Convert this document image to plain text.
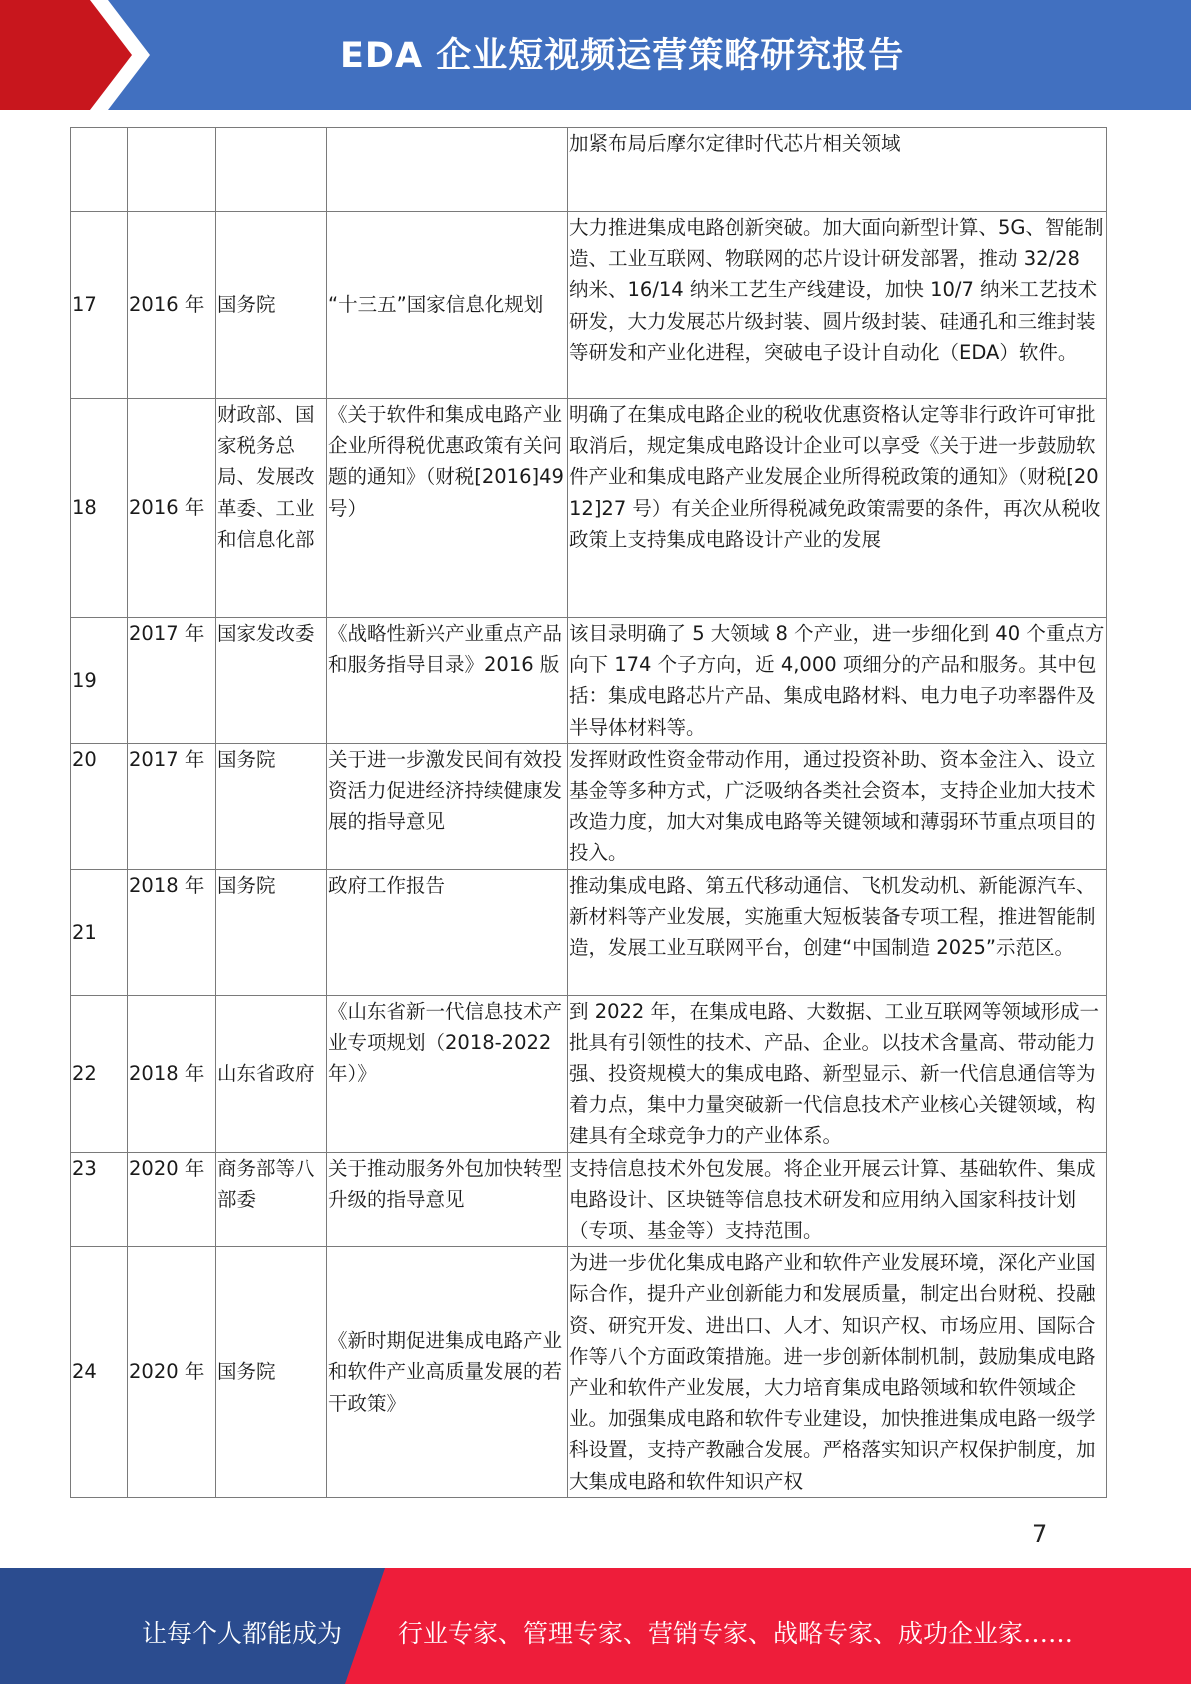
EDA 企业短视频运营策略研究报告
				加紧布局后摩尔定律时代芯片相关领域
17	2016 年	国务院	“十三五”国家信息化规划	大力推进集成电路创新突破。加大面向新型计算、5G、智能制造、工业互联网、物联网的芯片设计研发部署，推动 32/28 纳米、16/14 纳米工艺生产线建设，加快 10/7 纳米工艺技术研发，大力发展芯片级封装、圆片级封装、硅通孔和三维封装等研发和产业化进程，突破电子设计自动化（EDA）软件。
18	2016 年	财政部、国家税务总局、发展改革委、工业和信息化部	《关于软件和集成电路产业企业所得税优惠政策有关问题的通知》（财税[2016]49 号）	明确了在集成电路企业的税收优惠资格认定等非行政许可审批取消后，规定集成电路设计企业可以享受《关于进一步鼓励软件产业和集成电路产业发展企业所得税政策的通知》（财税[2012]27 号）有关企业所得税减免政策需要的条件，再次从税收政策上支持集成电路设计产业的发展
19	2017 年	国家发改委	《战略性新兴产业重点产品和服务指导目录》2016 版	该目录明确了 5 大领域 8 个产业，进一步细化到 40 个重点方向下 174 个子方向，近 4,000 项细分的产品和服务。其中包括：集成电路芯片产品、集成电路材料、电力电子功率器件及半导体材料等。
20	2017 年	国务院	关于进一步激发民间有效投资活力促进经济持续健康发展的指导意见	发挥财政性资金带动作用，通过投资补助、资本金注入、设立基金等多种方式，广泛吸纳各类社会资本，支持企业加大技术改造力度，加大对集成电路等关键领域和薄弱环节重点项目的投入。
21	2018 年	国务院	政府工作报告	推动集成电路、第五代移动通信、飞机发动机、新能源汽车、新材料等产业发展，实施重大短板装备专项工程，推进智能制造，发展工业互联网平台，创建“中国制造 2025”示范区。
22	2018 年	山东省政府	《山东省新一代信息技术产业专项规划（2018-2022 年）》	到 2022 年，在集成电路、大数据、工业互联网等领域形成一批具有引领性的技术、产品、企业。以技术含量高、带动能力强、投资规模大的集成电路、新型显示、新一代信息通信等为着力点，集中力量突破新一代信息技术产业核心关键领域，构建具有全球竞争力的产业体系。
23	2020 年	商务部等八部委	关于推动服务外包加快转型升级的指导意见	支持信息技术外包发展。将企业开展云计算、基础软件、集成电路设计、区块链等信息技术研发和应用纳入国家科技计划（专项、基金等）支持范围。
24	2020 年	国务院	《新时期促进集成电路产业和软件产业高质量发展的若干政策》	为进一步优化集成电路产业和软件产业发展环境，深化产业国际合作，提升产业创新能力和发展质量，制定出台财税、投融资、研究开发、进出口、人才、知识产权、市场应用、国际合作等八个方面政策措施。进一步创新体制机制，鼓励集成电路产业和软件产业发展，大力培育集成电路领域和软件领域企业。加强集成电路和软件专业建设，加快推进集成电路一级学科设置，支持产教融合发展。严格落实知识产权保护制度，加大集成电路和软件知识产权
7
让每个人都能成为 行业专家、管理专家、营销专家、战略专家、成功企业家……
